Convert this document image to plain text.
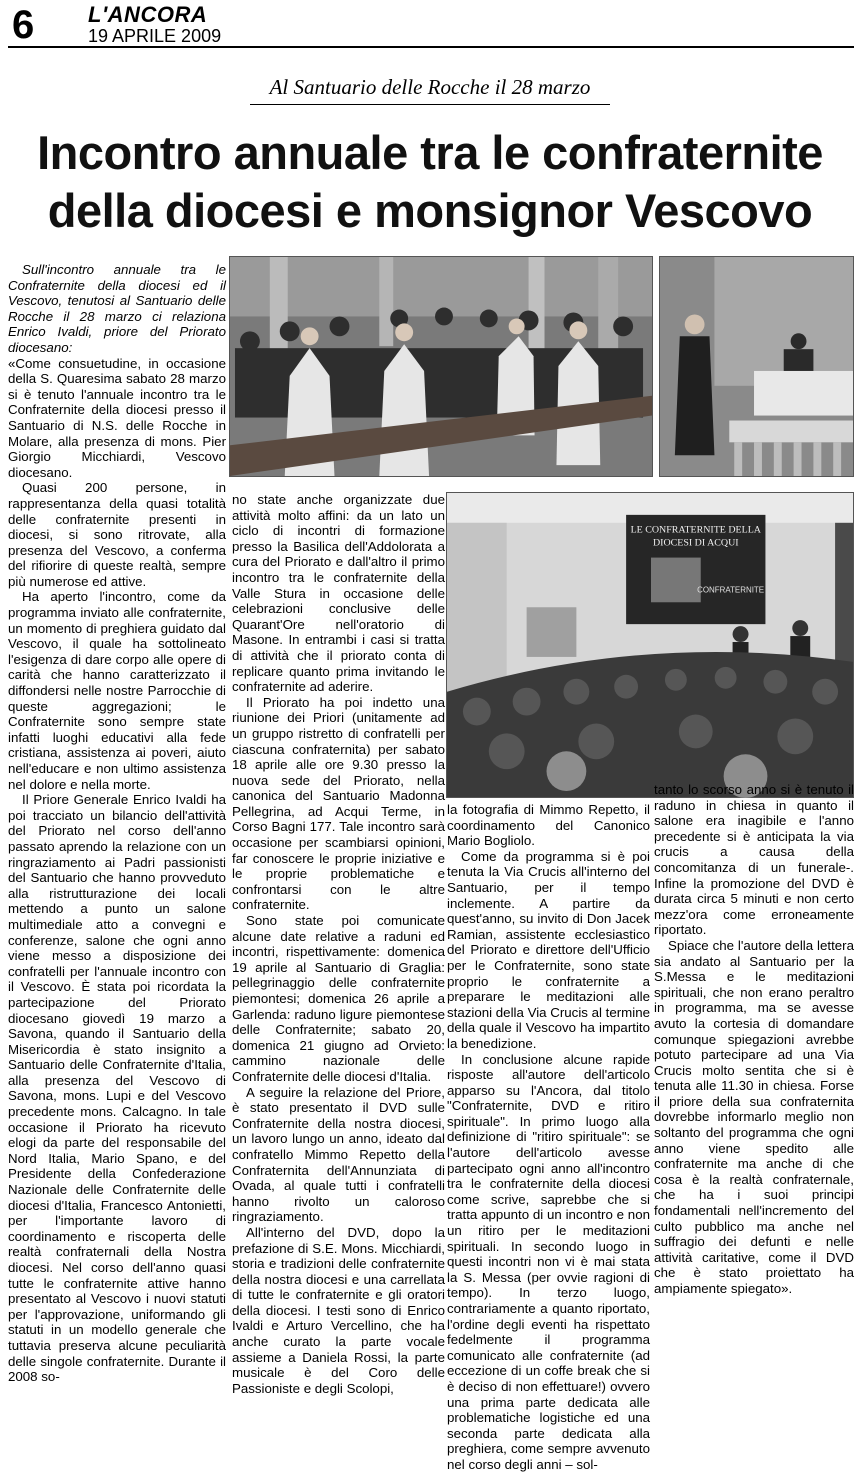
6 L'ANCORA
19 APRILE 2009
Al Santuario delle Rocche il 28 marzo
Incontro annuale tra le confraternite
della diocesi e monsignor Vescovo
LE CONFRATERNITE DELLA
DIOCESI DI ACQUI
CONFRATERNITE

Sull'incontro annuale tra le Confraternite della diocesi ed il Vescovo, tenutosi al Santuario delle Rocche il 28 marzo ci relaziona Enrico Ivaldi, priore del Priorato diocesano:

«Come consuetudine, in occasione della S. Quaresima sabato 28 marzo si è tenuto l'annuale incontro tra le Confraternite della diocesi presso il Santuario di N.S. delle Rocche in Molare, alla presenza di mons. Pier Giorgio Micchiardi, Vescovo diocesano.

Quasi 200 persone, in rappresentanza della quasi totalità delle confraternite presenti in diocesi, si sono ritrovate, alla presenza del Vescovo, a conferma del rifiorire di queste realtà, sempre più numerose ed attive.

Ha aperto l'incontro, come da programma inviato alle confraternite, un momento di preghiera guidato dal Vescovo, il quale ha sottolineato l'esigenza di dare corpo alle opere di carità che hanno caratterizzato il diffondersi nelle nostre Parrocchie di queste aggregazioni; le Confraternite sono sempre state infatti luoghi educativi alla fede cristiana, assistenza ai poveri, aiuto nell'educare e non ultimo assistenza nel dolore e nella morte.

Il Priore Generale Enrico Ivaldi ha poi tracciato un bilancio dell'attività del Priorato nel corso dell'anno passato aprendo la relazione con un ringraziamento ai Padri passionisti del Santuario che hanno provveduto alla ristrutturazione dei locali mettendo a punto un salone multimediale atto a convegni e conferenze, salone che ogni anno viene messo a disposizione dei confratelli per l'annuale incontro con il Vescovo. È stata poi ricordata la partecipazione del Priorato diocesano giovedì 19 marzo a Savona, quando il Santuario della Misericordia è stato insignito a Santuario delle Confraternite d'Italia, alla presenza del Vescovo di Savona, mons. Lupi e del Vescovo precedente mons. Calcagno. In tale occasione il Priorato ha ricevuto elogi da parte del responsabile del Nord Italia, Mario Spano, e del Presidente della Confederazione Nazionale delle Confraternite delle diocesi d'Italia, Francesco Antonietti, per l'importante lavoro di coordinamento e riscoperta delle realtà confraternali della Nostra diocesi. Nel corso dell'anno quasi tutte le confraternite attive hanno presentato al Vescovo i nuovi statuti per l'approvazione, uniformando gli statuti in un modello generale che tuttavia preserva alcune peculiarità delle singole confraternite. Durante il 2008 so-

no state anche organizzate due attività molto affini: da un lato un ciclo di incontri di formazione presso la Basilica dell'Addolorata a cura del Priorato e dall'altro il primo incontro tra le confraternite della Valle Stura in occasione delle celebrazioni conclusive delle Quarant'Ore nell'oratorio di Masone. In entrambi i casi si tratta di attività che il priorato conta di replicare quanto prima invitando le confraternite ad aderire.

Il Priorato ha poi indetto una riunione dei Priori (unitamente ad un gruppo ristretto di confratelli per ciascuna confraternita) per sabato 18 aprile alle ore 9.30 presso la nuova sede del Priorato, nella canonica del Santuario Madonna Pellegrina, ad Acqui Terme, in Corso Bagni 177. Tale incontro sarà occasione per scambiarsi opinioni, far conoscere le proprie iniziative e le proprie problematiche e confrontarsi con le altre confraternite.

Sono state poi comunicate alcune date relative a raduni ed incontri, rispettivamente: domenica 19 aprile al Santuario di Graglia: pellegrinaggio delle confraternite piemontesi; domenica 26 aprile a Garlenda: raduno ligure piemontese delle Confraternite; sabato 20, domenica 21 giugno ad Orvieto: cammino nazionale delle Confraternite delle diocesi d'Italia.

A seguire la relazione del Priore, è stato presentato il DVD sulle Confraternite della nostra diocesi, un lavoro lungo un anno, ideato dal confratello Mimmo Repetto della Confraternita dell'Annunziata di Ovada, al quale tutti i confratelli hanno rivolto un caloroso ringraziamento.

All'interno del DVD, dopo la prefazione di S.E. Mons. Micchiardi, storia e tradizioni delle confraternite della nostra diocesi e una carrellata di tutte le confraternite e gli oratori della diocesi. I testi sono di Enrico Ivaldi e Arturo Vercellino, che ha anche curato la parte vocale assieme a Daniela Rossi, la parte musicale è del Coro delle Passioniste e degli Scolopi,

la fotografia di Mimmo Repetto, il coordinamento del Canonico Mario Bogliolo.

Come da programma si è poi tenuta la Via Crucis all'interno del Santuario, per il tempo inclemente. A partire da quest'anno, su invito di Don Jacek Ramian, assistente ecclesiastico del Priorato e direttore dell'Ufficio per le Confraternite, sono state proprio le confraternite a preparare le meditazioni alle stazioni della Via Crucis al termine della quale il Vescovo ha impartito la benedizione.

In conclusione alcune rapide risposte all'autore dell'articolo apparso su l'Ancora, dal titolo "Confraternite, DVD e ritiro spirituale". In primo luogo alla definizione di "ritiro spirituale": se l'autore dell'articolo avesse partecipato ogni anno all'incontro tra le confraternite della diocesi come scrive, saprebbe che si tratta appunto di un incontro e non un ritiro per le meditazioni spirituali. In secondo luogo in questi incontri non vi è mai stata la S. Messa (per ovvie ragioni di tempo). In terzo luogo, contrariamente a quanto riportato, l'ordine degli eventi ha rispettato fedelmente il programma comunicato alle confraternite (ad eccezione di un coffe break che si è deciso di non effettuare!) ovvero una prima parte dedicata alle problematiche logistiche ed una seconda parte dedicata alla preghiera, come sempre avvenuto nel corso degli anni – sol-

tanto lo scorso anno si è tenuto il raduno in chiesa in quanto il salone era inagibile e l'anno precedente si è anticipata la via crucis a causa della concomitanza di un funerale-. Infine la promozione del DVD è durata circa 5 minuti e non certo mezz'ora come erroneamente riportato.

Spiace che l'autore della lettera sia andato al Santuario per la S.Messa e le meditazioni spirituali, che non erano peraltro in programma, ma se avesse avuto la cortesia di domandare comunque spiegazioni avrebbe potuto partecipare ad una Via Crucis molto sentita che si è tenuta alle 11.30 in chiesa. Forse il priore della sua confraternita dovrebbe informarlo meglio non soltanto del programma che ogni anno viene spedito alle confraternite ma anche di che cosa è la realtà confraternale, che ha i suoi principi fondamentali nell'incremento del culto pubblico ma anche nel suffragio dei defunti e nelle attività caritative, come il DVD che è stato proiettato ha ampiamente spiegato».
